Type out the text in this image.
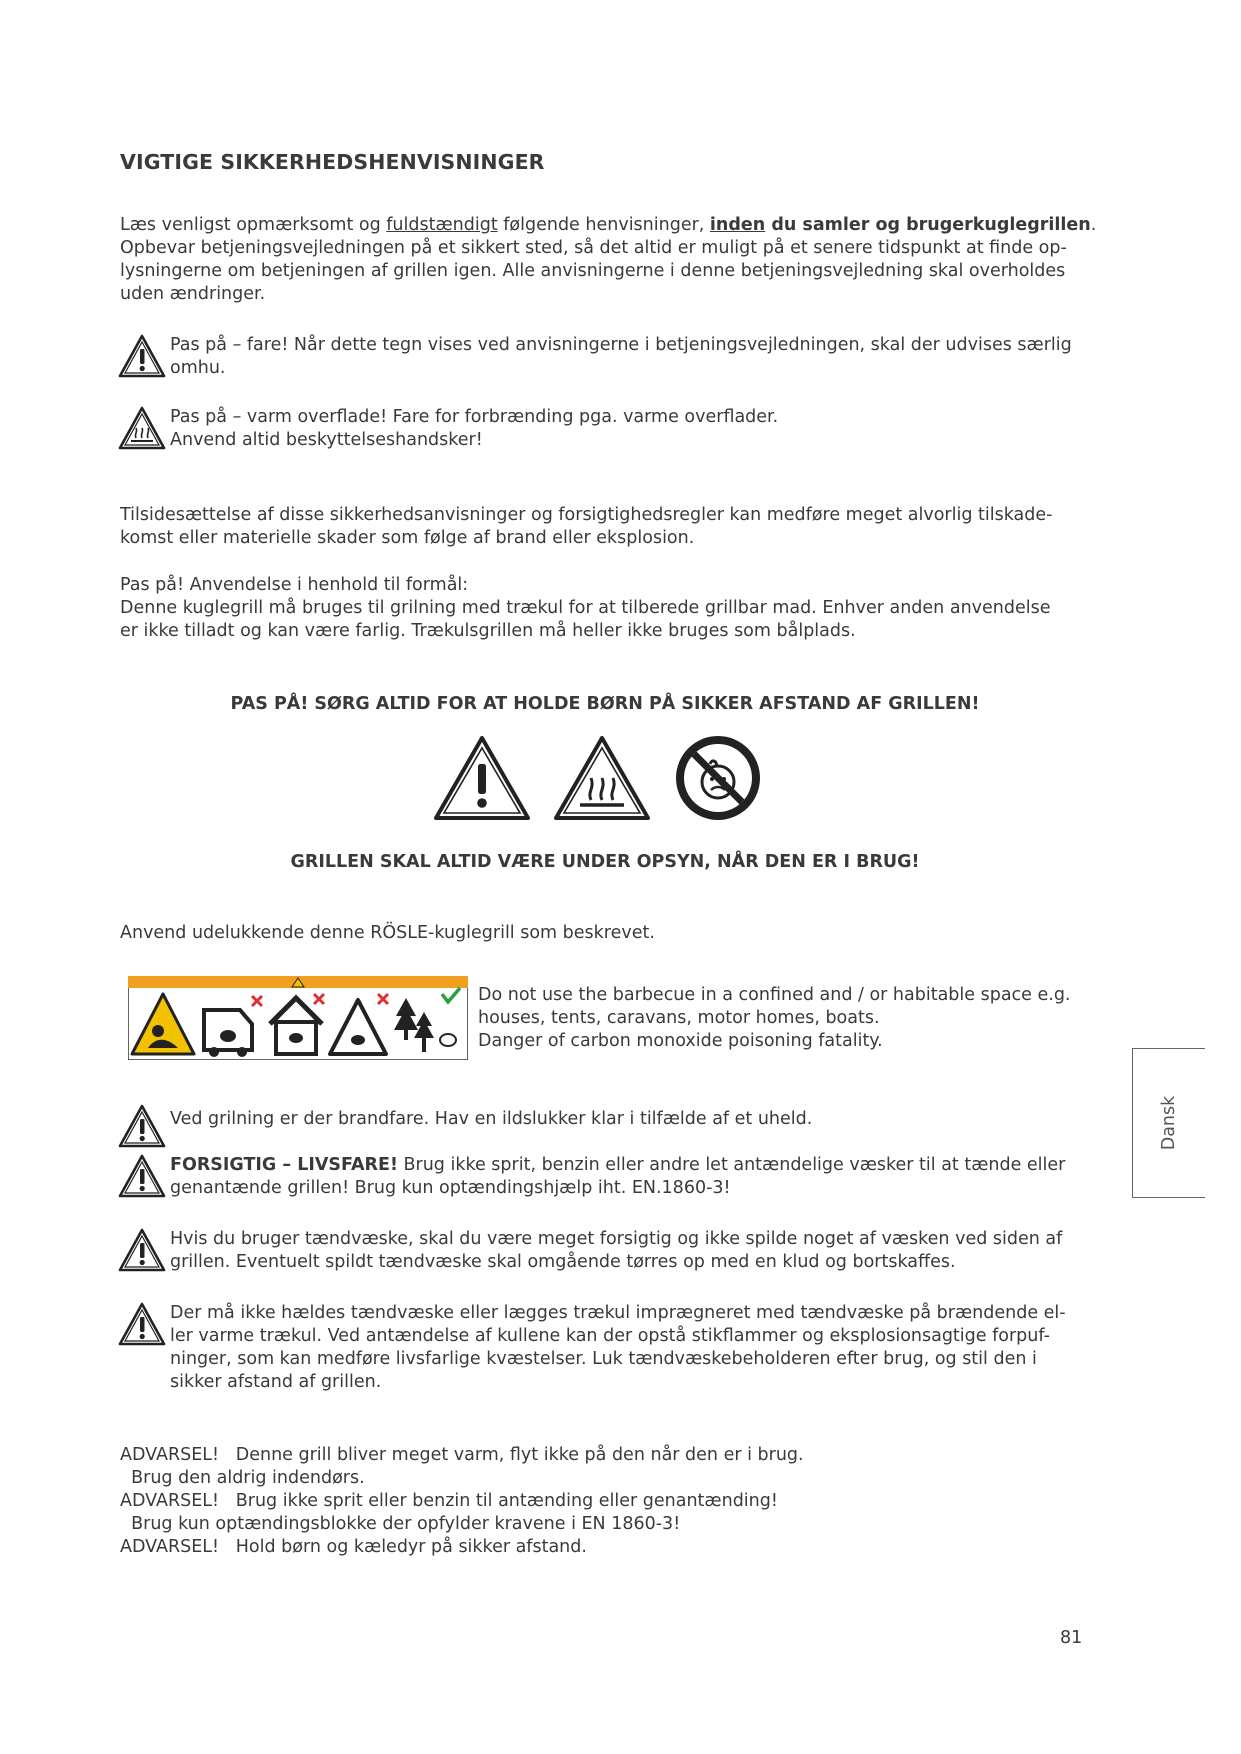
VIGTIGE SIKKERHEDSHENVISNINGER
Læs venligst opmærksomt og fuldstændigt følgende henvisninger, inden du samler og brugerkuglegrillen.
Opbevar betjeningsvejledningen på et sikkert sted, så det altid er muligt på et senere tidspunkt at finde op-
lysningerne om betjeningen af grillen igen. Alle anvisningerne i denne betjeningsvejledning skal overholdes
uden ændringer.
Pas på – fare! Når dette tegn vises ved anvisningerne i betjeningsvejledningen, skal der udvises særlig
omhu.
Pas på – varm overflade! Fare for forbrænding pga. varme overflader.
Anvend altid beskyttelseshandsker!
Tilsidesættelse af disse sikkerhedsanvisninger og forsigtighedsregler kan medføre meget alvorlig tilskade-
komst eller materielle skader som følge af brand eller eksplosion.
Pas på! Anvendelse i henhold til formål:
Denne kuglegrill må bruges til grilning med trækul for at tilberede grillbar mad. Enhver anden anvendelse
er ikke tilladt og kan være farlig. Trækulsgrillen må heller ikke bruges som bålplads.
PAS PÅ! SØRG ALTID FOR AT HOLDE BØRN PÅ SIKKER AFSTAND AF GRILLEN!
GRILLEN SKAL ALTID VÆRE UNDER OPSYN, NÅR DEN ER I BRUG!
Anvend udelukkende denne RÖSLE-kuglegrill som beskrevet.
Do not use the barbecue in a confined and / or habitable space e.g.
houses, tents, caravans, motor homes, boats.
Danger of carbon monoxide poisoning fatality.
Ved grilning er der brandfare. Hav en ildslukker klar i tilfælde af et uheld.
FORSIGTIG – LIVSFARE! Brug ikke sprit, benzin eller andre let antændelige væsker til at tænde eller
genantænde grillen! Brug kun optændingshjælp iht. EN.1860-3!
Hvis du bruger tændvæske, skal du være meget forsigtig og ikke spilde noget af væsken ved siden af
grillen. Eventuelt spildt tændvæske skal omgående tørres op med en klud og bortskaffes.
Der må ikke hældes tændvæske eller lægges trækul imprægneret med tændvæske på brændende el-
ler varme trækul. Ved antændelse af kullene kan der opstå stikflammer og eksplosionsagtige forpuf-
ninger, som kan medføre livsfarlige kvæstelser. Luk tændvæskebeholderen efter brug, og stil den i
sikker afstand af grillen.
ADVARSEL!   Denne grill bliver meget varm, flyt ikke på den når den er i brug.
Brug den aldrig indendørs.
ADVARSEL!   Brug ikke sprit eller benzin til antænding eller genantænding!
Brug kun optændingsblokke der opfylder kravene i EN 1860-3!
ADVARSEL!   Hold børn og kæledyr på sikker afstand.
Dansk
81
